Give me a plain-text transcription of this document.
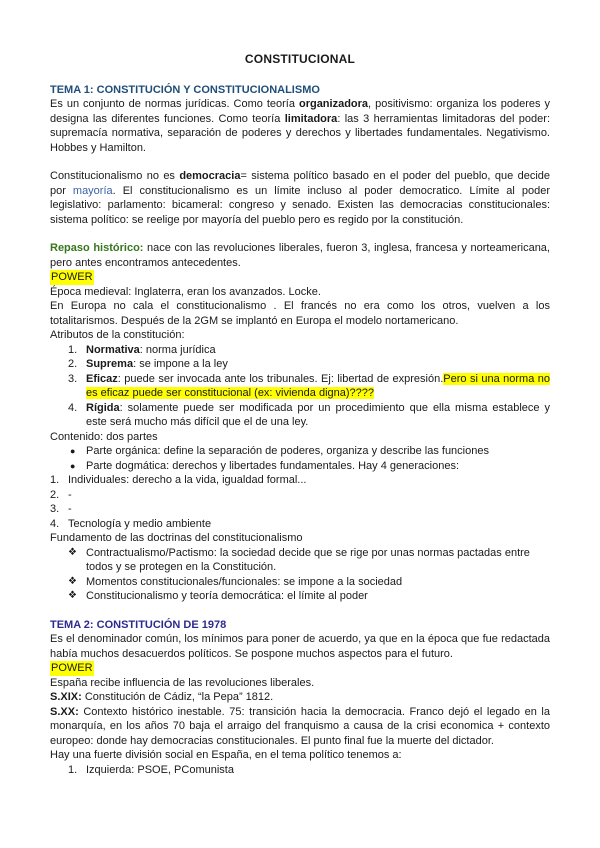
CONSTITUCIONAL
TEMA 1: CONSTITUCIÓN Y CONSTITUCIONALISMO

Es un conjunto de normas jurídicas. Como teoría organizadora, positivismo: organiza los poderes y designa las diferentes funciones. Como teoría limitadora: las 3 herramientas limitadoras del poder: supremacía normativa, separación de poderes y derechos y libertades fundamentales. Negativismo. Hobbes y Hamilton.

Constitucionalismo no es democracia= sistema político basado en el poder del pueblo, que decide por mayoría. El constitucionalismo es un límite incluso al poder democratico. Límite al poder legislativo: parlamento: bicameral: congreso y senado. Existen las democracias constitucionales: sistema político: se reelige por mayoría del pueblo pero es regido por la constitución.

Repaso histórico: nace con las revoluciones liberales, fueron 3, inglesa, francesa y norteamericana, pero antes encontramos antecedentes.

POWER

Época medieval: Inglaterra, eran los avanzados. Locke.

En Europa no cala el constitucionalismo . El francés no era como los otros, vuelven a los totalitarismos. Después de la 2GM se implantó en Europa el modelo nortamericano.

Atributos de la constitución:

1. Normativa: norma jurídica
2. Suprema: se impone a la ley
3. Eficaz: puede ser invocada ante los tribunales. Ej: libertad de expresión.Pero si una norma no es eficaz puede ser constitucional (ex: vivienda digna)????
4. Rígida: solamente puede ser modificada por un procedimiento que ella misma establece y este será mucho más difícil que el de una ley.

Contenido: dos partes

● Parte orgánica: define la separación de poderes, organiza y describe las funciones
● Parte dogmática: derechos y libertades fundamentales. Hay 4 generaciones:
1. Individuales: derecho a la vida, igualdad formal...
2. -
3. -
4. Tecnología y medio ambiente

Fundamento de las doctrinas del constitucionalismo

❖ Contractualismo/Pactismo: la sociedad decide que se rige por unas normas pactadas entre todos y se protegen en la Constitución.
❖ Momentos constitucionales/funcionales: se impone a la sociedad
❖ Constitucionalismo y teoría democrática: el límite al poder
TEMA 2: CONSTITUCIÓN DE 1978

Es el denominador común, los mínimos para poner de acuerdo, ya que en la época que fue redactada había muchos desacuerdos políticos. Se pospone muchos aspectos para el futuro.

POWER

España recibe influencia de las revoluciones liberales.

S.XIX: Constitución de Cádiz, “la Pepa” 1812.

S.XX: Contexto histórico inestable. 75: transición hacia la democracia. Franco dejó el legado en la monarquía, en los años 70 baja el arraigo del franquismo a causa de la crisi economica + contexto europeo: donde hay democracias constitucionales. El punto final fue la muerte del dictador.

Hay una fuerte división social en España, en el tema político tenemos a:

1. Izquierda: PSOE, PComunista
